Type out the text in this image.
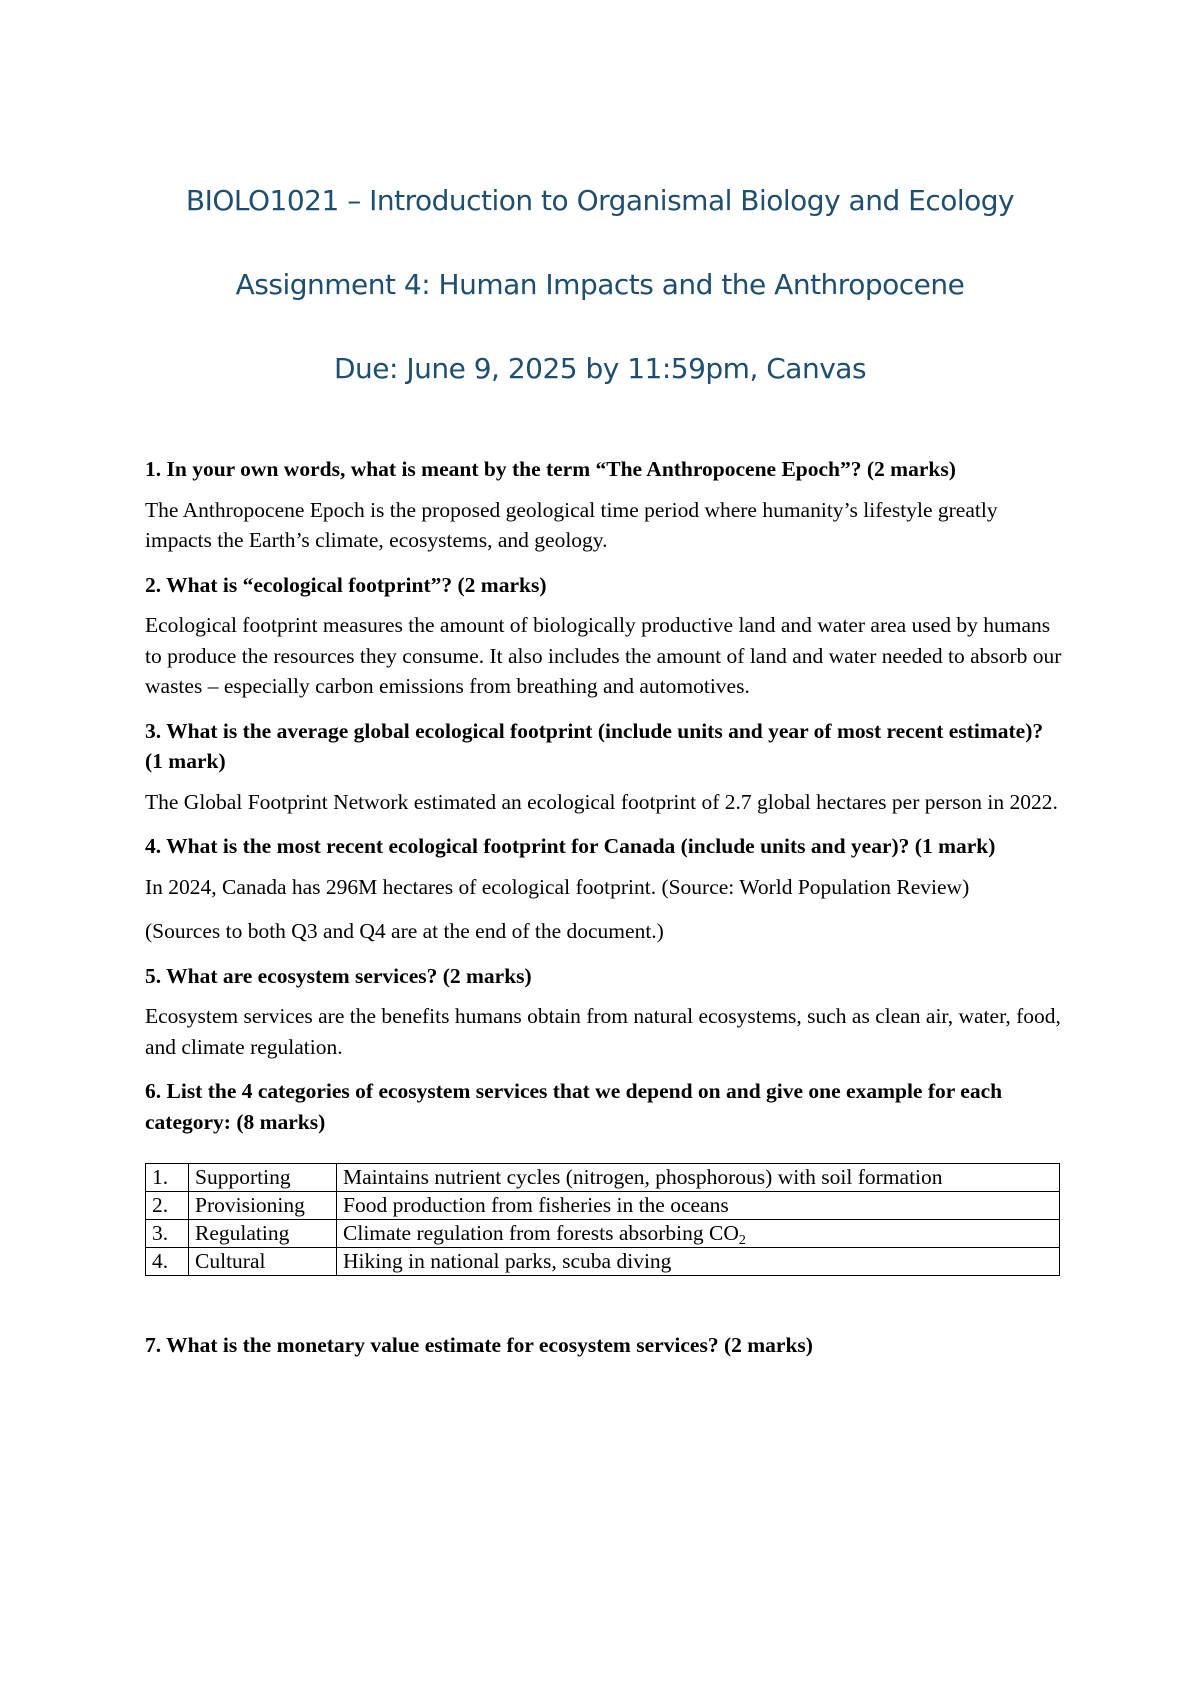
BIOLO1021 – Introduction to Organismal Biology and Ecology
Assignment 4: Human Impacts and the Anthropocene
Due: June 9, 2025 by 11:59pm, Canvas
1. In your own words, what is meant by the term “The Anthropocene Epoch”? (2 marks)
The Anthropocene Epoch is the proposed geological time period where humanity’s lifestyle greatly impacts the Earth’s climate, ecosystems, and geology.
2. What is “ecological footprint”? (2 marks)
Ecological footprint measures the amount of biologically productive land and water area used by humans to produce the resources they consume. It also includes the amount of land and water needed to absorb our wastes – especially carbon emissions from breathing and automotives.
3. What is the average global ecological footprint (include units and year of most recent estimate)? (1 mark)
The Global Footprint Network estimated an ecological footprint of 2.7 global hectares per person in 2022.
4. What is the most recent ecological footprint for Canada (include units and year)? (1 mark)
In 2024, Canada has 296M hectares of ecological footprint. (Source: World Population Review)
(Sources to both Q3 and Q4 are at the end of the document.)
5. What are ecosystem services? (2 marks)
Ecosystem services are the benefits humans obtain from natural ecosystems, such as clean air, water, food, and climate regulation.
6. List the 4 categories of ecosystem services that we depend on and give one example for each category: (8 marks)
1.	Supporting	Maintains nutrient cycles (nitrogen, phosphorous) with soil formation
2.	Provisioning	Food production from fisheries in the oceans
3.	Regulating	Climate regulation from forests absorbing $CO_2$
4.	Cultural	Hiking in national parks, scuba diving
7. What is the monetary value estimate for ecosystem services? (2 marks)
